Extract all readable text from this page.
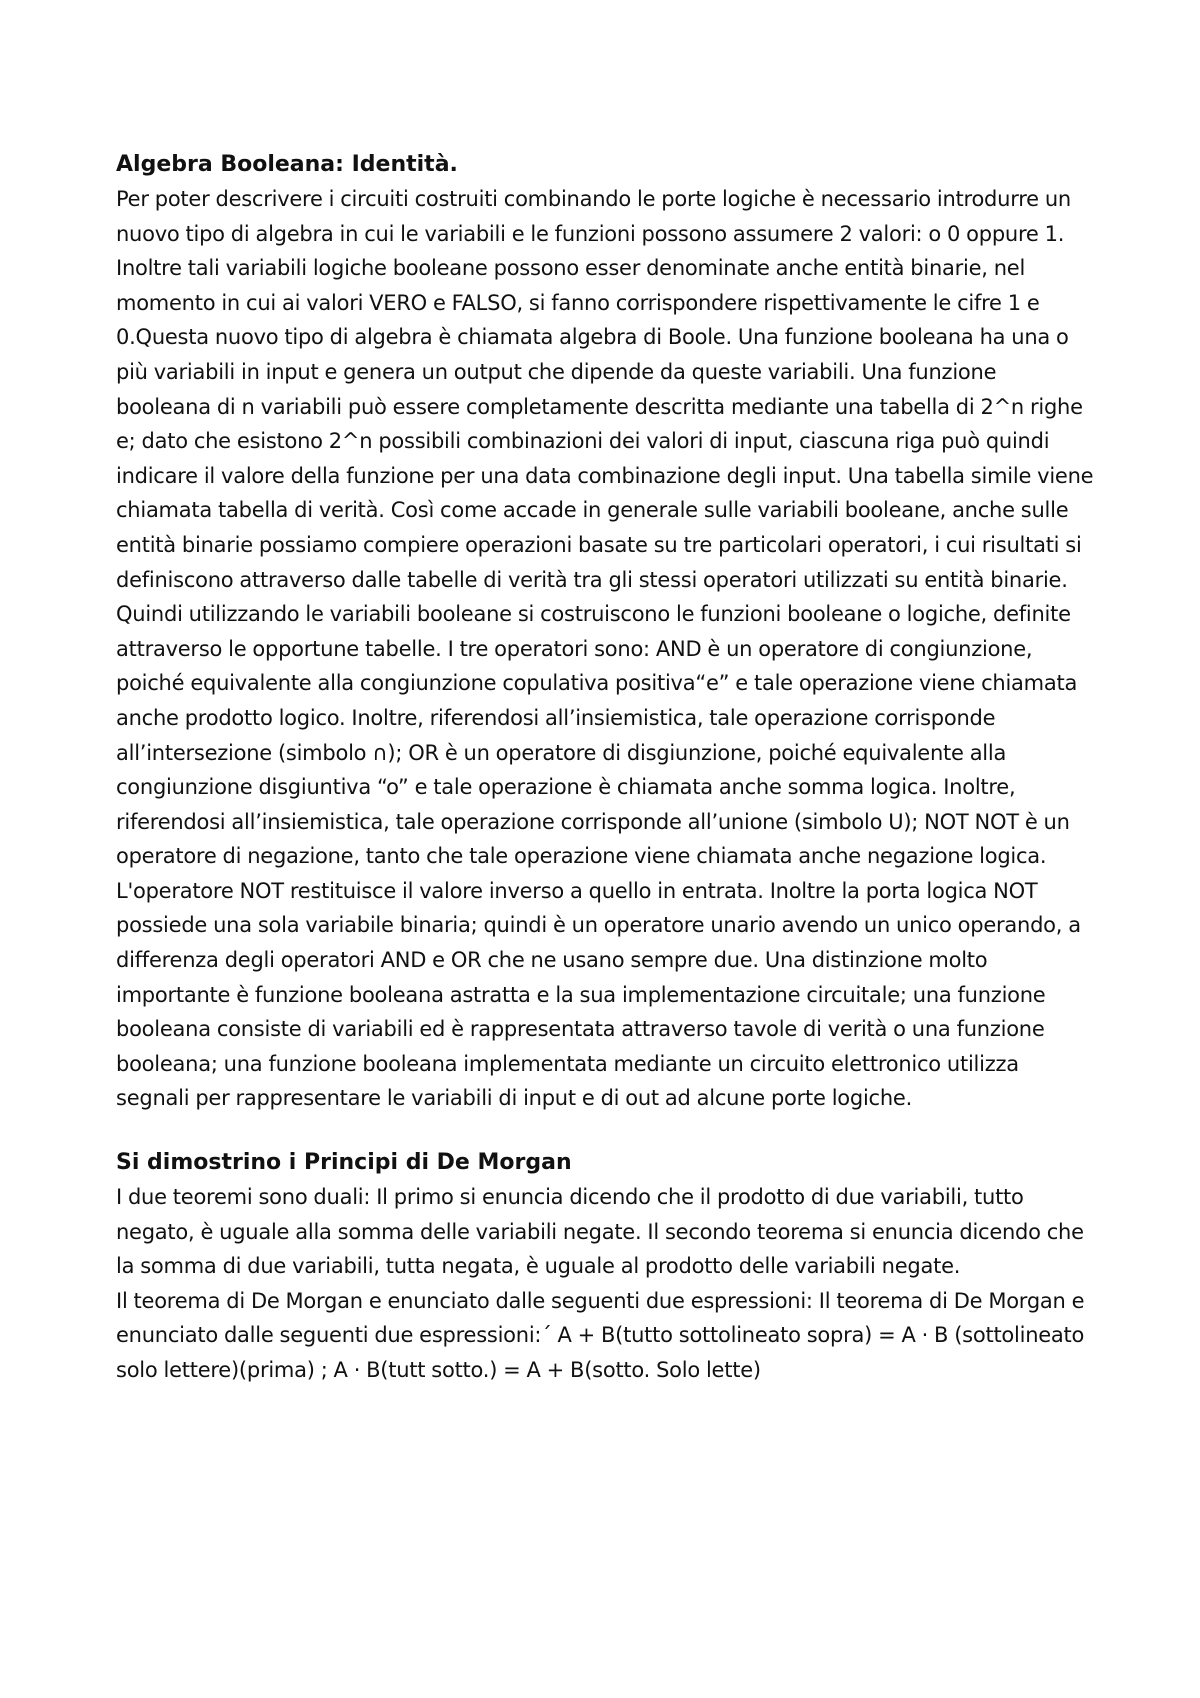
Algebra Booleana: Identità.

Per poter descrivere i circuiti costruiti combinando le porte logiche è necessario introdurre un nuovo tipo di algebra in cui le variabili e le funzioni possono assumere 2 valori: o 0 oppure 1. Inoltre tali variabili logiche booleane possono esser denominate anche entità binarie, nel momento in cui ai valori VERO e FALSO, si fanno corrispondere rispettivamente le cifre 1 e 0.Questa nuovo tipo di algebra è chiamata algebra di Boole. Una funzione booleana ha una o più variabili in input e genera un output che dipende da queste variabili. Una funzione booleana di n variabili può essere completamente descritta mediante una tabella di 2^n righe e; dato che esistono 2^n possibili combinazioni dei valori di input, ciascuna riga può quindi indicare il valore della funzione per una data combinazione degli input. Una tabella simile viene chiamata tabella di verità. Così come accade in generale sulle variabili booleane, anche sulle entità binarie possiamo compiere operazioni basate su tre particolari operatori, i cui risultati si definiscono attraverso dalle tabelle di verità tra gli stessi operatori utilizzati su entità binarie. Quindi utilizzando le variabili booleane si costruiscono le funzioni booleane o logiche, definite attraverso le opportune tabelle. I tre operatori sono: AND è un operatore di congiunzione, poiché equivalente alla congiunzione copulativa positiva“e” e tale operazione viene chiamata anche prodotto logico. Inoltre, riferendosi all’insiemistica, tale operazione corrisponde all’intersezione (simbolo ∩); OR è un operatore di disgiunzione, poiché equivalente alla congiunzione disgiuntiva “o” e tale operazione è chiamata anche somma logica. Inoltre, riferendosi all’insiemistica, tale operazione corrisponde all’unione (simbolo U); NOT NOT è un operatore di negazione, tanto che tale operazione viene chiamata anche negazione logica. L'operatore NOT restituisce il valore inverso a quello in entrata. Inoltre la porta logica NOT possiede una sola variabile binaria; quindi è un operatore unario avendo un unico operando, a differenza degli operatori AND e OR che ne usano sempre due. Una distinzione molto importante è funzione booleana astratta e la sua implementazione circuitale; una funzione booleana consiste di variabili ed è rappresentata attraverso tavole di verità o una funzione booleana; una funzione booleana implementata mediante un circuito elettronico utilizza segnali per rappresentare le variabili di input e di out ad alcune porte logiche.

Si dimostrino i Principi di De Morgan

I due teoremi sono duali: Il primo si enuncia dicendo che il prodotto di due variabili, tutto negato, è uguale alla somma delle variabili negate. Il secondo teorema si enuncia dicendo che la somma di due variabili, tutta negata, è uguale al prodotto delle variabili negate.

Il teorema di De Morgan e enunciato dalle seguenti due espressioni: Il teorema di De Morgan e enunciato dalle seguenti due espressioni:΄ A + B(tutto sottolineato sopra) = A · B (sottolineato solo lettere)(prima) ; A · B(tutt sotto.) = A + B(sotto. Solo lette)
